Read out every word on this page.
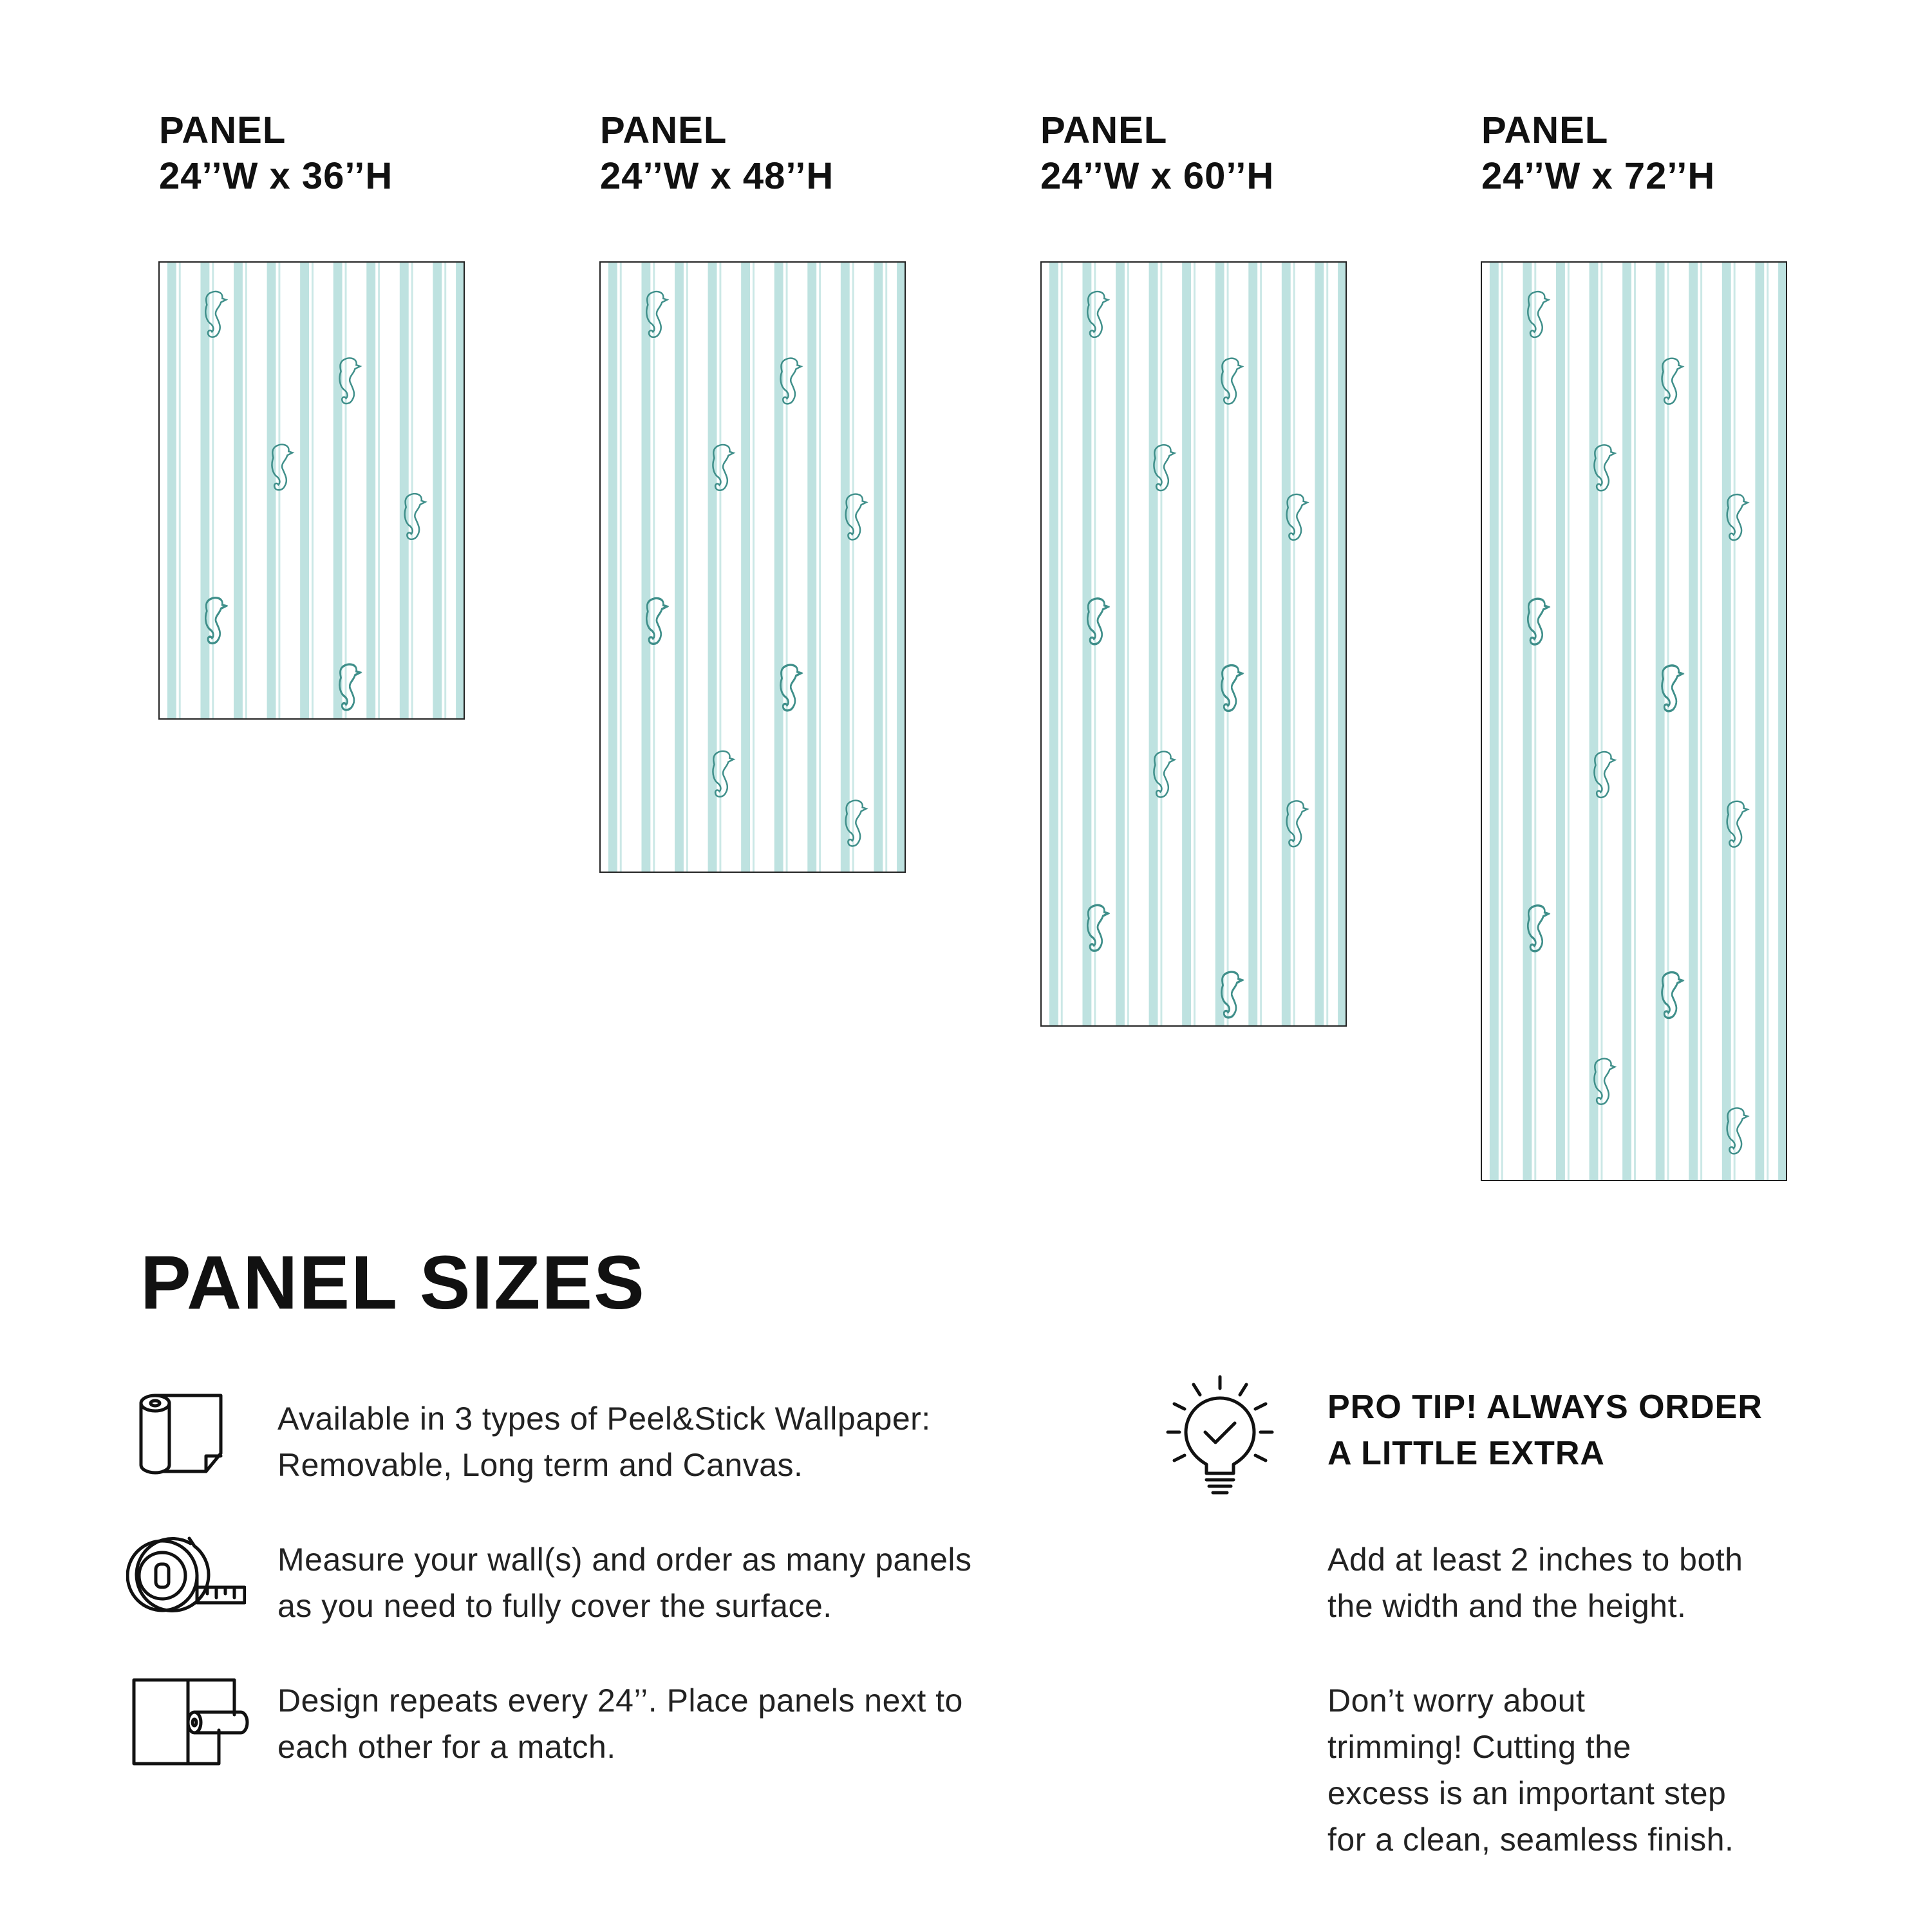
PANEL
24’’W x 36’’H
PANEL
24’’W x 48’’H
PANEL
24’’W x 60’’H
PANEL
24’’W x 72’’H
PANEL SIZES
Available in 3 types of Peel&Stick Wallpaper:
Removable, Long term and Canvas.
Measure your wall(s) and order as many panels
as you need to fully cover the surface.
Design repeats every 24’’. Place panels next to
each other for a match.
PRO TIP! ALWAYS ORDER
A LITTLE EXTRA
Add at least 2 inches to both
the width and the height.
Don’t worry about
trimming! Cutting the
excess is an important step
for a clean, seamless finish.
